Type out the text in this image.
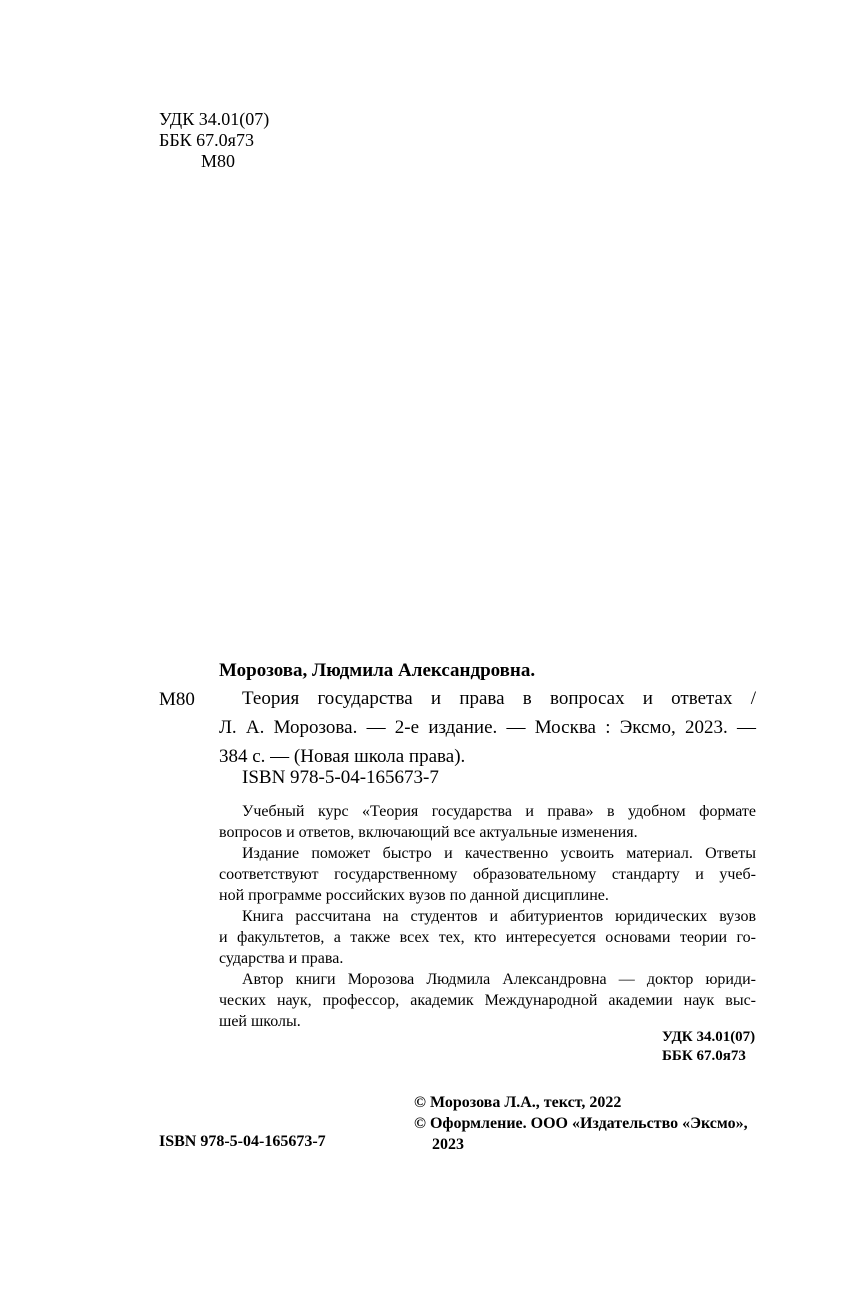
УДК 34.01(07)
ББК 67.0я73
М80
Морозова, Людмила Александровна.
М80	Теория государства и права в вопросах и ответах /
Л. А. Морозова. — 2-е издание. — Москва : Эксмо, 2023. —
384 с. — (Новая школа права).
ISBN 978-5-04-165673-7

Учебный курс «Теория государства и права» в удобном формате
вопросов и ответов, включающий все актуальные изменения.

Издание поможет быстро и качественно усвоить материал. Ответы
соответствуют государственному образовательному стандарту и учеб-
ной программе российских вузов по данной дисциплине.

Книга рассчитана на студентов и абитуриентов юридических вузов
и факультетов, а также всех тех, кто интересуется основами теории го-
сударства и права.

Автор книги Морозова Людмила Александровна — доктор юриди-
ческих наук, профессор, академик Международной академии наук выс-
шей школы.

УДК 34.01(07)
ББК 67.0я73
© Морозова Л.А., текст, 2022
© Оформление. ООО «Издательство «Эксмо»,
2023
ISBN 978-5-04-165673-7
